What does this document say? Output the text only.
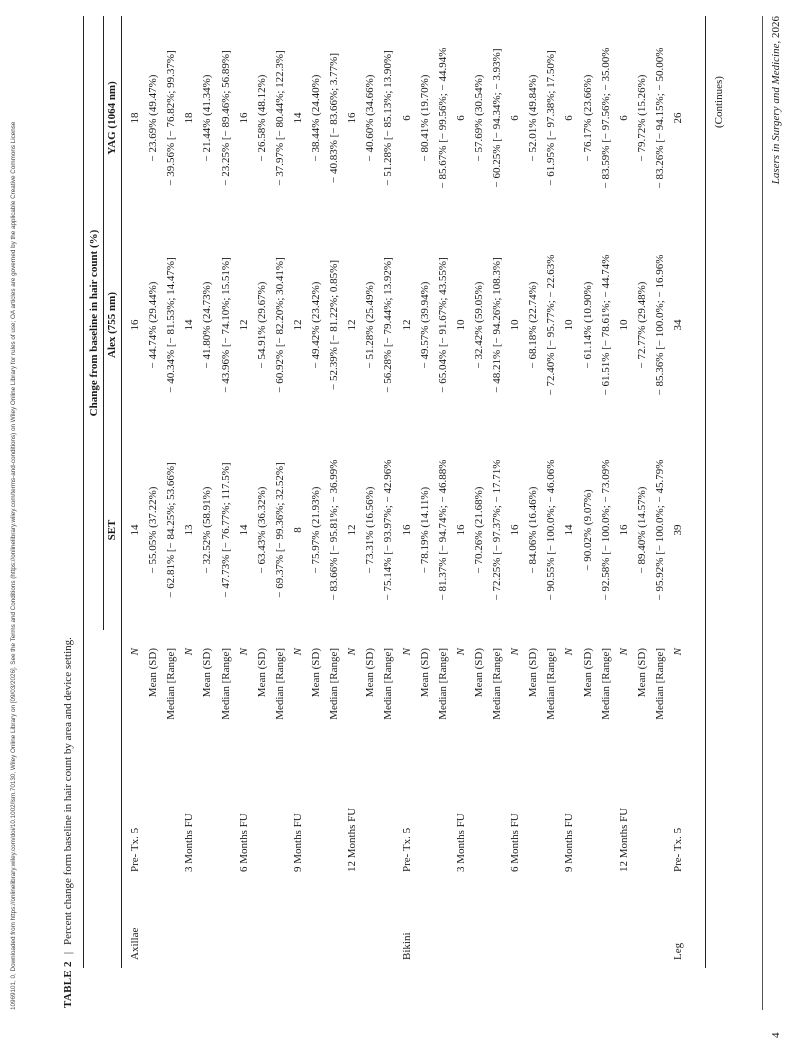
10969101, 0, Downloaded from https://onlinelibrary.wiley.com/doi/10.1002/lsm.70130, Wiley Online Library on [09/03/2026]. See the Terms and Conditions (https://onlinelibrary.wiley.com/terms-and-conditions) on Wiley Online Library for rules of use; OA articles are governed by the applicable Creative Commons License	TABLE 2|Percent change form baseline in hair count by area and device setting.
Change from baseline in hair count (%)
SET
Alex (755 nm)
YAG (1064 nm)
Axillae
Pre- Tx. 5
N
14
16
18
Mean (SD)
− 55.05% (37.22%)
− 44.74% (29.44%)
− 23.69% (49.47%)
Median [Range]
− 62.81% [− 84.25%; 53.66%]
− 40.34% [− 81.53%; 14.47%]
− 39.56% [− 76.82%; 99.37%]
3 Months FU
N
13
14
18
Mean (SD)
− 32.52% (58.91%)
− 41.80% (24.73%)
− 21.44% (41.34%)
Median [Range]
− 47.73% [− 76.77%; 117.5%]
− 43.96% [− 74.10%; 15.51%]
− 23.25% [− 89.46%; 56.89%]
6 Months FU
N
14
12
16
Mean (SD)
− 63.43% (36.32%)
− 54.91% (29.67%)
− 26.58% (48.12%)
Median [Range]
− 69.37% [− 99.36%; 32.52%]
− 60.92% [− 82.20%; 30.41%]
− 37.97% [− 80.44%; 122.3%]
9 Months FU
N
8
12
14
Mean (SD)
− 75.97% (21.93%)
− 49.42% (23.42%)
− 38.44% (24.40%)
Median [Range]
− 83.66% [− 95.81%; − 36.99%
− 52.39% [− 81.22%; 0.85%]
− 40.83% [− 83.66%; 3.77%]
12 Months FU
N
12
12
16
Mean (SD)
− 73.31% (16.56%)
− 51.28% (25.49%)
− 40.60% (34.66%)
Median [Range]
− 75.14% [− 93.97%; − 42.96%
− 56.28% [− 79.44%; 13.92%]
− 51.28% [− 85.13%; 13.90%]
Bikini
Pre- Tx. 5
N
16
12
6
Mean (SD)
− 78.19% (14.11%)
− 49.57% (39.94%)
− 80.41% (19.70%)
Median [Range]
− 81.37% [− 94.74%; − 46.88%
− 65.04% [− 91.67%; 43.55%]
− 85.67% [− 99.56%; − 44.94%
3 Months FU
N
16
10
6
Mean (SD)
− 70.26% (21.68%)
− 32.42% (59.05%)
− 57.69% (30.54%)
Median [Range]
− 72.25% [− 97.37%; − 17.71%
− 48.21% [− 94.26%; 108.3%]
− 60.25% [− 94.34%; − 3.93%]
6 Months FU
N
16
10
6
Mean (SD)
− 84.06% (16.46%)
− 68.18% (22.74%)
− 52.01% (49.84%)
Median [Range]
− 90.55% [− 100.0%; − 46.06%
− 72.40% [− 95.77%; − 22.63%
− 61.95% [− 97.38%; 17.50%]
9 Months FU
N
14
10
6
Mean (SD)
− 90.02% (9.07%)
− 61.14% (10.90%)
− 76.17% (23.66%)
Median [Range]
− 92.58% [− 100.0%; − 73.09%
− 61.51% [− 78.61%; − 44.74%
− 83.59% [− 97.56%; − 35.00%
12 Months FU
N
16
10
6
Mean (SD)
− 89.40% (14.57%)
− 72.77% (29.48%)
− 79.72% (15.26%)
Median [Range]
− 95.92% [− 100.0%; − 45.79%
− 85.36% [− 100.0%; − 16.96%
− 83.26% [− 94.15%; − 50.00%
Leg
Pre- Tx. 5
N
39
34
26	(Continues)
4
Lasers in Surgery and Medicine, 2026
